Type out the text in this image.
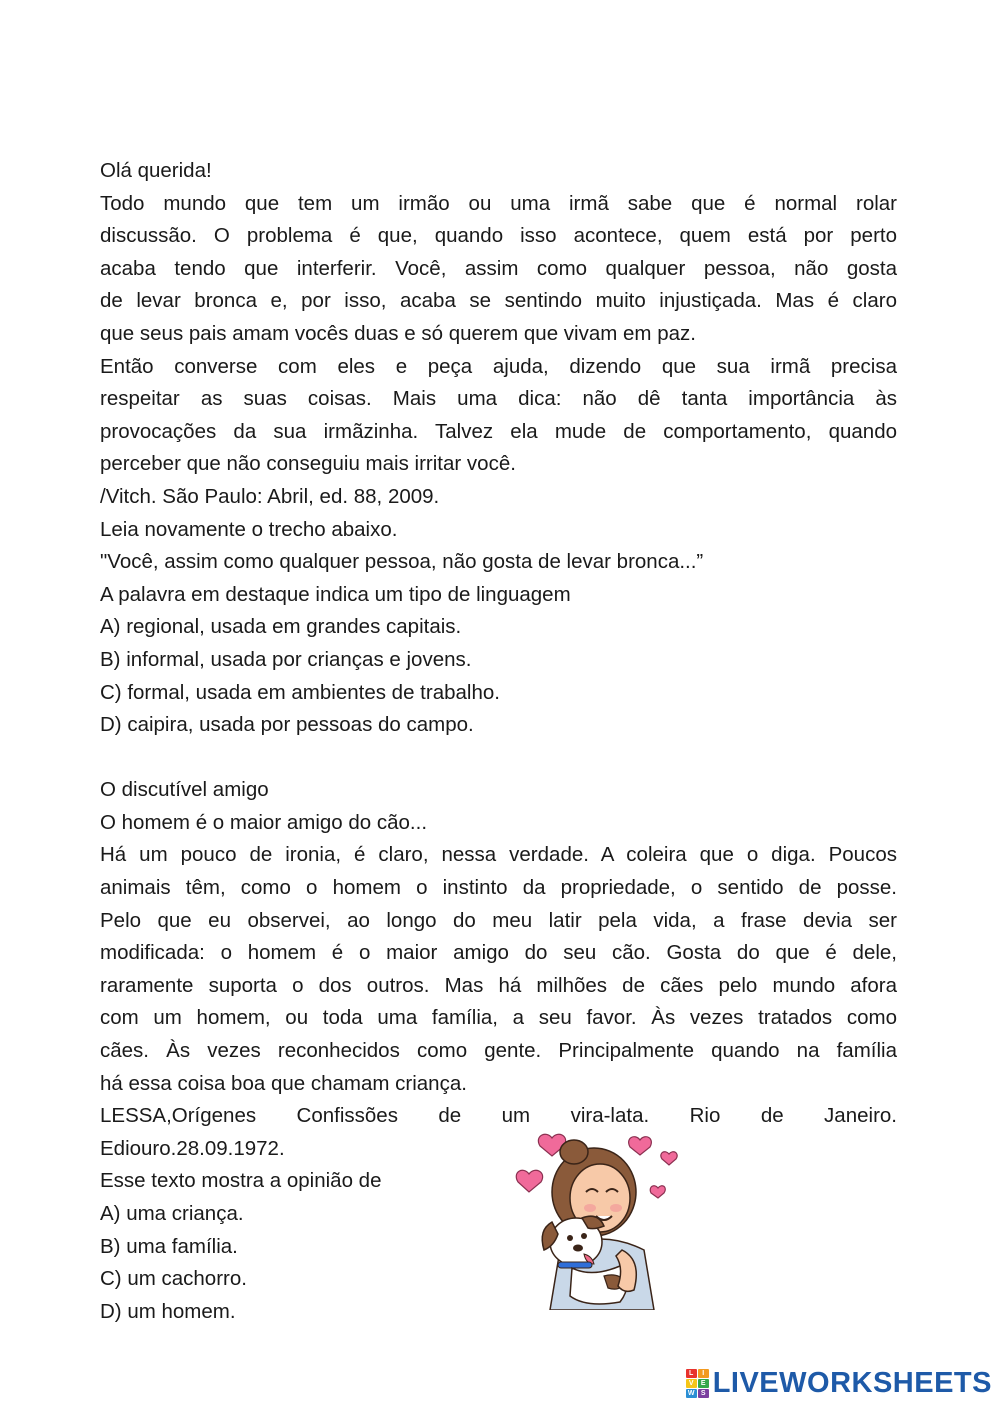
Olá querida!
Todo mundo que tem um irmão ou uma irmã sabe que é normal rolar
discussão. O problema é que, quando isso acontece, quem está por perto
acaba tendo que interferir. Você, assim como qualquer pessoa, não gosta
de levar bronca e, por isso, acaba se sentindo muito injustiçada. Mas é claro
que seus pais amam vocês duas e só querem que vivam em paz.
Então converse com eles e peça ajuda, dizendo que sua irmã precisa
respeitar as suas coisas. Mais uma dica: não dê tanta importância às
provocações da sua irmãzinha. Talvez ela mude de comportamento, quando
perceber que não conseguiu mais irritar você.
/Vitch. São Paulo: Abril, ed. 88, 2009.
Leia novamente o trecho abaixo.
"Você, assim como qualquer pessoa, não gosta de levar bronca...”
A palavra em destaque indica um tipo de linguagem
A) regional, usada em grandes capitais.
B) informal, usada por crianças e jovens.
C) formal, usada em ambientes de trabalho.
D) caipira, usada por pessoas do campo.
O discutível amigo
O homem é o maior amigo do cão...
Há um pouco de ironia, é claro, nessa verdade. A coleira que o diga. Poucos
animais têm, como o homem o instinto da propriedade, o sentido de posse.
Pelo que eu observei, ao longo do meu latir pela vida, a frase devia ser
modificada: o homem é o maior amigo do seu cão. Gosta do que é dele,
raramente suporta o dos outros. Mas há milhões de cães pelo mundo afora
com um homem, ou toda uma família, a seu favor. Às vezes tratados como
cães. Às vezes reconhecidos como gente. Principalmente quando na família
há essa coisa boa que chamam criança.
LESSA,Orígenes Confissões de um vira-lata. Rio de Janeiro.
Ediouro.28.09.1972.
Esse texto mostra a opinião de
A) uma criança.
B) uma família.
C) um cachorro.
D) um homem.
L	I
V	E
W S LIVEWORKSHEETS
